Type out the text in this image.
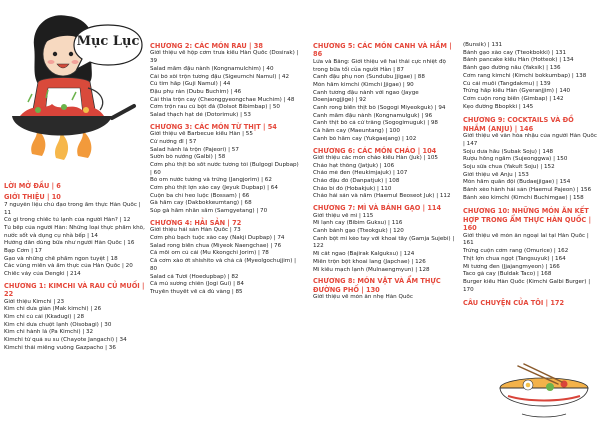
Mục Lục
LỜI MỞ ĐẦU | 6
GIỚI THIỆU | 10
7 nguyên liệu chủ đạo trong ẩm thực Hàn Quốc | 11
Có gì trong chiếc tủ lạnh của người Hàn? | 12
Tủ bếp của người Hàn: Những loại thực phẩm khô, nước sốt và dụng cụ nhà bếp | 14
Hướng dẫn dùng bữa như người Hàn Quốc | 16
Bạp Cơm | 17
Gạo và những chế phẩm ngon tuyệt | 18
Các vùng miền và ẩm thực của Hàn Quốc | 20
Chiếc váy của Dengki | 214
CHƯƠNG 1: KIMCHI VÀ RAU CỦ MUỐI | 22
Giới thiệu Kimchi | 23
Kim chi dưa giản (Mak kimchi) | 26
Kim chi củ cải (Kkadugi) | 28
Kim chi dưa chuột lạnh (Oisobagi) | 30
Kim chi hành lá (Pa Kimchi) | 32
Kimchi từ quả su su (Chayote Jangachi) | 34
Kimchi thái miếng vuông Gazpacho | 36
CHƯƠNG 2: CÁC MÓN RAU | 38
Giới thiệu về hộp cơm trưa kiểu Hàn Quốc (Dosirak) | 39
Salad mầm đậu nành (Kongnamulchim) | 40
Cải bó xôi trộn tương đậu (Sigeumchi Namul) | 42
Củ tim hấp (Guji Namul) | 44
Đậu phụ rán (Dubu Buchim) | 46
Cải thìa trộn cay (Cheonggyeongchae Muchim) | 48
Cơm trộn rau củ bột đá (Dolsot Bibimbap) | 50
Salad thạch hạt dẻ (Dotorimuk) | 53
CHƯƠNG 3: CÁC MÓN TỪ THỊT | 54
Giới thiệu về Barbecue kiểu Hàn | 55
Cừ nướng đĩ | 57
Salad hành lá trộn (Pajeori) | 57
Sườn bò nướng (Galbi) | 58
Cơm phủ thịt bò sốt nước tương tỏi (Bulgogi Dupbap) | 60
Bò om nước tương và trứng (Jangjorim) | 62
Cơm phủ thịt lợn xào cay (Jeyuk Dupbap) | 64
Cuộn ba chỉ heo luộc (Bossam) | 66
Gà hầm cay (Dakbokkeumtang) | 68
Súp gà hầm nhân sâm (Samgyetang) | 70
CHƯƠNG 4: HẢI SẢN | 72
Giới thiệu hải sản Hàn Quốc | 73
Cơm phủ bạch tuộc xào cay (Nakji Dupbap) | 74
Salad rong biển chua (Miyeok Naengchae) | 76
Cá mối om củ cải (Mu Kkongchi Jorim) | 78
Cá cơm xào ớt shishito và chả cá (Myeolgochujjim) | 80
Salad cá Tươi (Hoedupbap) | 82
Cá mú sương chiên (Jogi Gui) | 84
Truyền thuyết về cá đù vàng | 85
CHƯƠNG 5: CÁC MÓN CANH VÀ HẦM | 86
Lửa và Băng: Giới thiệu về hai thái cực nhiệt độ trong bữa tối của người Hàn | 87
Canh đậu phụ non (Sundubu Jjigae) | 88
Món hầm kimchi (Kimchi Jjigae) | 90
Canh tương đậu nành với ngao (Jayge Doenjangjjige) | 92
Canh rong biển thịt bò (Sogogi Miyeokguk) | 94
Canh mầm đậu nành (Kongnamulguk) | 96
Canh thịt bò cả cứ trắng (Sogogimuguk) | 98
Cá hầm cay (Maeuntang) | 100
Canh bò hầm cay (Yukgaejang) | 102
CHƯƠNG 6: CÁC MÓN CHÁO | 104
Giới thiệu các món cháo kiểu Hàn (Juk) | 105
Cháo hạt thông (Jatjuk) | 106
Cháo mè đen (Heukimjajuk) | 107
Cháo đậu đỏ (Danpatjuk) | 108
Cháo bí đỏ (Hobakjuk) | 110
Cháo hải sản và nấm (Haemul Beoseot Juk) | 112
CHƯƠNG 7: MÌ VÀ BÁNH GẠO | 114
Giới thiệu về mì | 115
Mì lạnh cay (Bibim Guksu) | 116
Canh bánh gạo (Tteokguk) | 120
Canh bột mì kéo tay với khoai tây (Gamja Sujebi) | 122
Mì cắt ngao (Bajirak Kalguksu) | 124
Miến trộn bột khoai lang (Japchae) | 126
Mì kiều mạch lạnh (Mulnaengmyun) | 128
CHƯƠNG 8: MÓN VẶT VÀ ẨM THỰC ĐƯỜNG PHỐ | 130
Giới thiệu về món ăn nhẹ Hàn Quốc
(Bunsik) | 131
Bánh gạo xào cay (Tteokbokki) | 131
Bánh pancake kiểu Hàn (Hotteok) | 134
Bánh gạo đường nâu (Yaksik) | 136
Cơm rang kimchi (Kimchi bokkumbap) | 138
Củ cải muối (Tangdakmu) | 139
Trứng hấp kiểu Hàn (Gyeranjjim) | 140
Cơm cuộn rong biển (Gimbap) | 142
Kẹo đường Bbopkki | 145
CHƯƠNG 9: COCKTAILS VÀ ĐỒ NHẮM (ANJU) | 146
Giới thiệu về văn hóa nhậu của người Hàn Quốc | 147
Soju dưa hấu (Subak Soju) | 148
Rượu hỗng ngâm (Sujeonggwa) | 150
Soju sữa chua (Yakult Soju) | 152
Giới thiệu về Anju | 153
Món hầm quân đội (Budaejjigae) | 154
Bánh xèo hành hải sản (Haemul Pajeon) | 156
Bánh xèo kimchi (Kimchi Buchimgae) | 158
CHƯƠNG 10: NHỮNG MÓN ĂN KẾT HỢP TRONG ẨM THỰC HÀN QUỐC | 160
Giới thiệu về món ăn ngoại lai tại Hàn Quốc | 161
Trứng cuộn cơm rang (Omurice) | 162
Thịt lợn chua ngọt (Tangsuyuk) | 164
Mì tương đen (Jjajangmyeon) | 166
Taco gà cay (Buldak Taco) | 168
Burger kiểu Hàn Quốc (Kimchi Galbi Burger) | 170
CÂU CHUYỆN CỦA TÔI | 172
